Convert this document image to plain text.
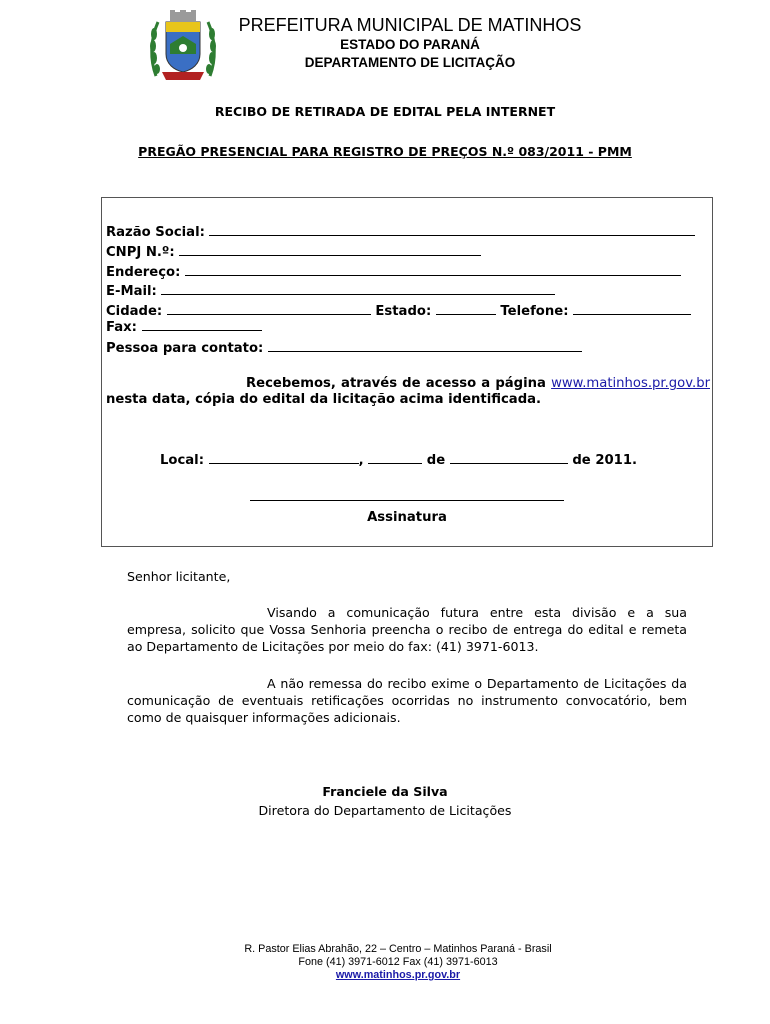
PREFEITURA MUNICIPAL DE MATINHOS
ESTADO DO PARANÁ
DEPARTAMENTO DE LICITAÇÃO
RECIBO DE RETIRADA DE EDITAL PELA INTERNET
PREGÃO PRESENCIAL PARA REGISTRO DE PREÇOS N.º 083/2011 - PMM
Razão Social:
CNPJ N.º:
Endereço:
E-Mail:
Cidade:	Estado:	Telefone:
Fax:
Pessoa para contato:
Recebemos, através de acesso a página www.matinhos.pr.gov.br nesta data, cópia do edital da licitação acima identificada.
Local:	,	de	de 2011.
Assinatura
Senhor licitante,
Visando a comunicação futura entre esta divisão e a sua empresa, solicito que Vossa Senhoria preencha o recibo de entrega do edital e remeta ao Departamento de Licitações por meio do fax: (41) 3971-6013.
A não remessa do recibo exime o Departamento de Licitações da comunicação de eventuais retificações ocorridas no instrumento convocatório, bem como de quaisquer informações adicionais.
Franciele da Silva
Diretora do Departamento de Licitações
R. Pastor Elias Abrahão, 22 – Centro – Matinhos Paraná - Brasil
Fone (41) 3971-6012 Fax (41) 3971-6013
www.matinhos.pr.gov.br
